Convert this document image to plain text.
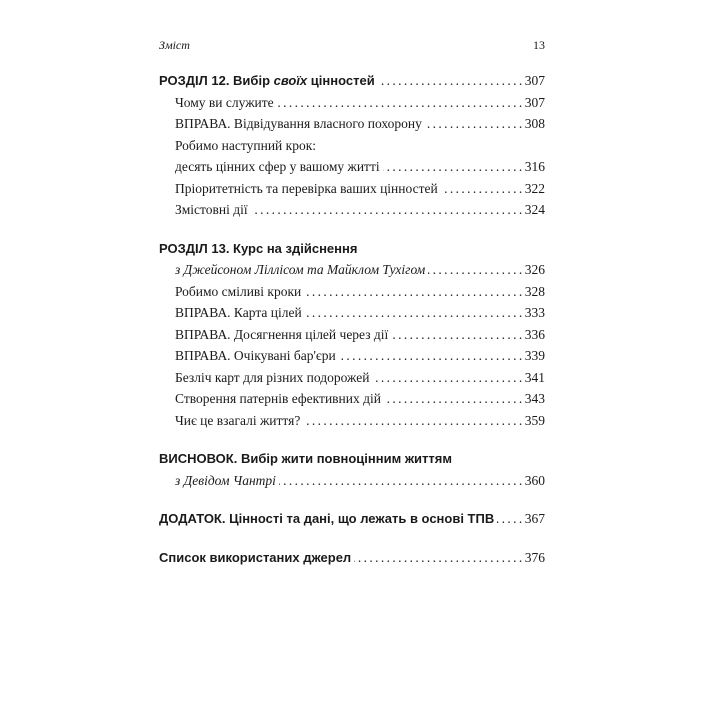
Зміст	13
РОЗДІЛ 12. Вибір своїх цінностей . . .	307
Чому ви служите . . .	307
ВПРАВА. Відвідування власного похорону . . .	308
Робимо наступний крок:
десять цінних сфер у вашому житті . . .	316
Пріоритетність та перевірка ваших цінностей . . .	322
Змістовні дії . . .	324
РОЗДІЛ 13. Курс на здійснення
з Джейсоном Ліллісом та Майклом Тухігом . . .	326
Робимо сміливі кроки . . .	328
ВПРАВА. Карта цілей . . .	333
ВПРАВА. Досягнення цілей через дії . . .	336
ВПРАВА. Очікувані бар'єри . . .	339
Безліч карт для різних подорожей . . .	341
Створення патернів ефективних дій . . .	343
Чиє це взагалі життя? . . .	359
ВИСНОВОК. Вибір жити повноцінним життям
з Девідом Чантрі . . .	360
ДОДАТОК. Цінності та дані, що лежать в основі ТПВ . . . 367
Список використаних джерел . . .	376
